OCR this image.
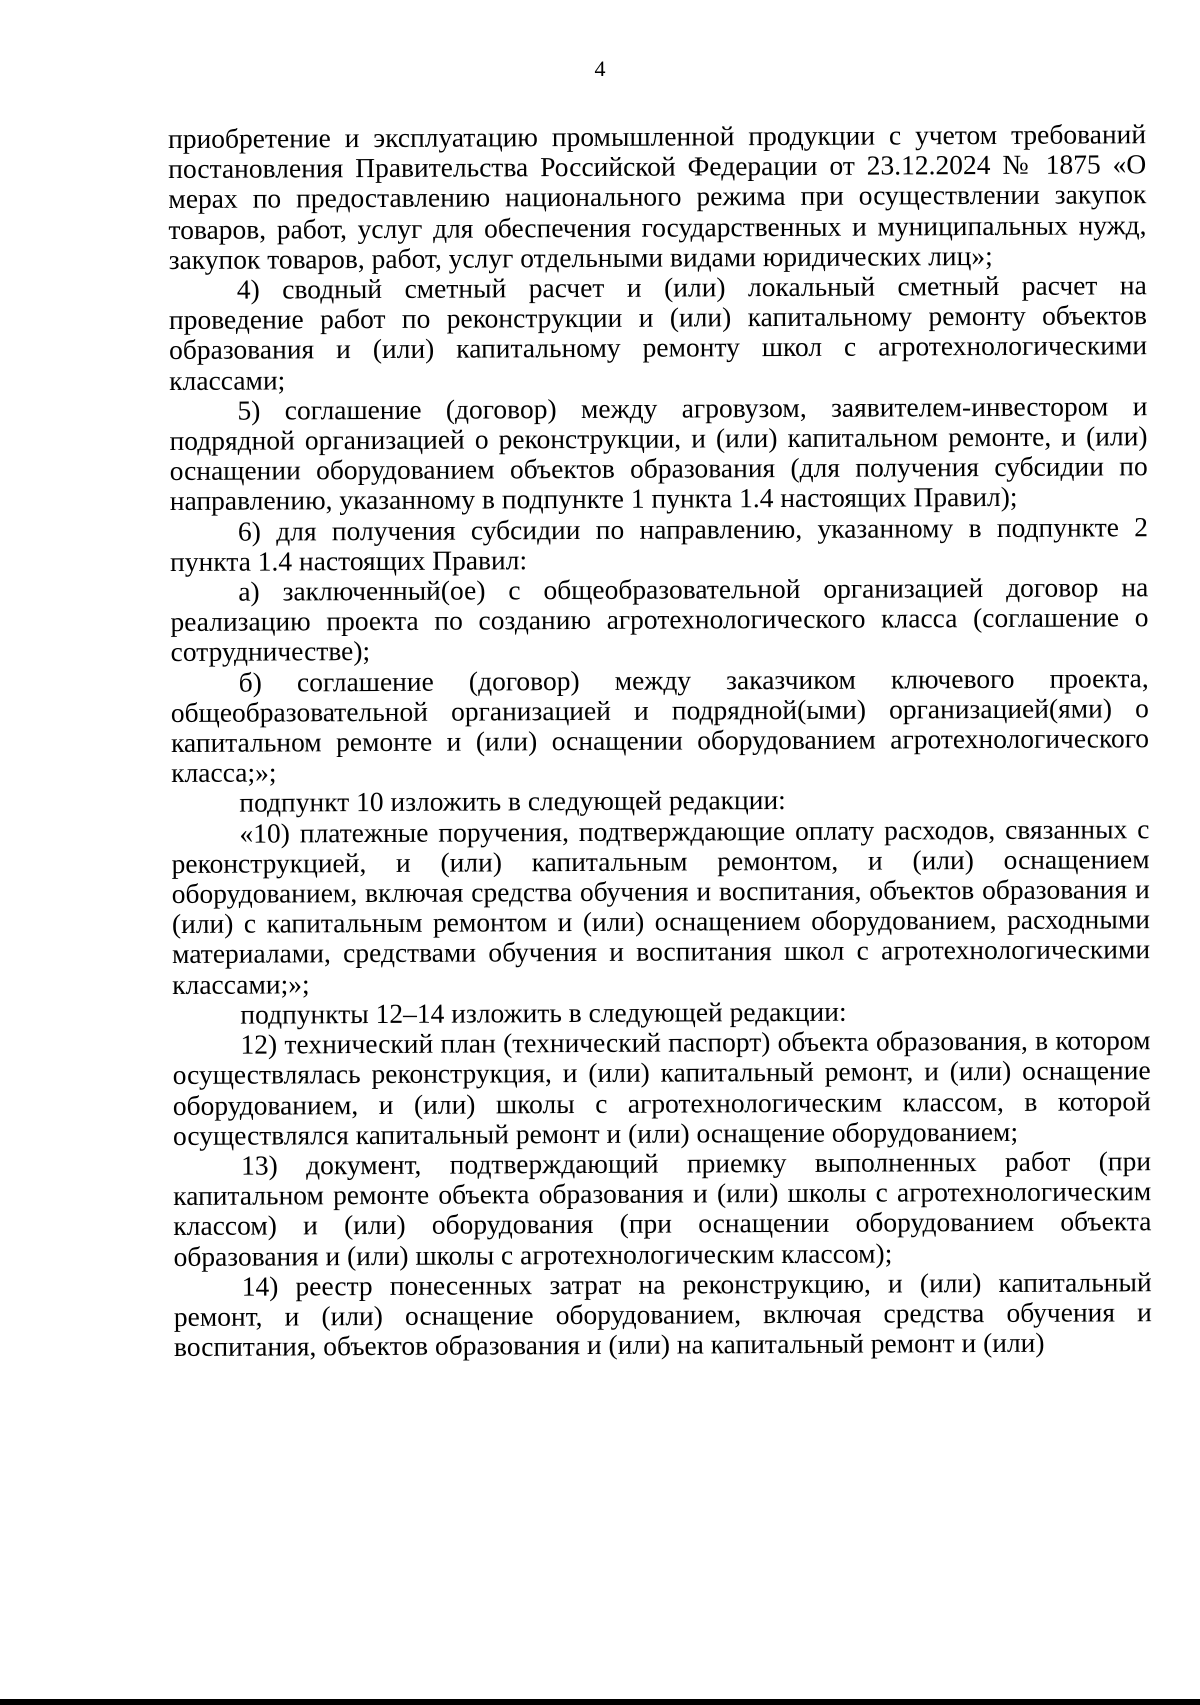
4

приобретение и эксплуатацию промышленной продукции с учетом требований постановления Правительства Российской Федерации от 23.12.2024 № 1875 «О мерах по предоставлению национального режима при осуществлении закупок товаров, работ, услуг для обеспечения государственных и муниципальных нужд, закупок товаров, работ, услуг отдельными видами юридических лиц»;

4) сводный сметный расчет и (или) локальный сметный расчет на проведение работ по реконструкции и (или) капитальному ремонту объектов образования и (или) капитальному ремонту школ с агротехнологическими классами;

5) соглашение (договор) между агровузом, заявителем-инвестором и подрядной организацией о реконструкции, и (или) капитальном ремонте, и (или) оснащении оборудованием объектов образования (для получения субсидии по направлению, указанному в подпункте 1 пункта 1.4 настоящих Правил);

6) для получения субсидии по направлению, указанному в подпункте 2 пункта 1.4 настоящих Правил:

а) заключенный(ое) с общеобразовательной организацией договор на реализацию проекта по созданию агротехнологического класса (соглашение о сотрудничестве);

б) соглашение (договор) между заказчиком ключевого проекта, общеобразовательной организацией и подрядной(ыми) организацией(ями) о капитальном ремонте и (или) оснащении оборудованием агротехнологического класса;»;

подпункт 10 изложить в следующей редакции:

«10) платежные поручения, подтверждающие оплату расходов, связанных с реконструкцией, и (или) капитальным ремонтом, и (или) оснащением оборудованием, включая средства обучения и воспитания, объектов образования и (или) с капитальным ремонтом и (или) оснащением оборудованием, расходными материалами, средствами обучения и воспитания школ с агротехнологическими классами;»;

подпункты 12–14 изложить в следующей редакции:

12) технический план (технический паспорт) объекта образования, в котором осуществлялась реконструкция, и (или) капитальный ремонт, и (или) оснащение оборудованием, и (или) школы с агротехнологическим классом, в которой осуществлялся капитальный ремонт и (или) оснащение оборудованием;

13) документ, подтверждающий приемку выполненных работ (при капитальном ремонте объекта образования и (или) школы с агротехнологическим классом) и (или) оборудования (при оснащении оборудованием объекта образования и (или) школы с агротехнологическим классом);

14) реестр понесенных затрат на реконструкцию, и (или) капитальный ремонт, и (или) оснащение оборудованием, включая средства обучения и воспитания, объектов образования и (или) на капитальный ремонт и (или)
